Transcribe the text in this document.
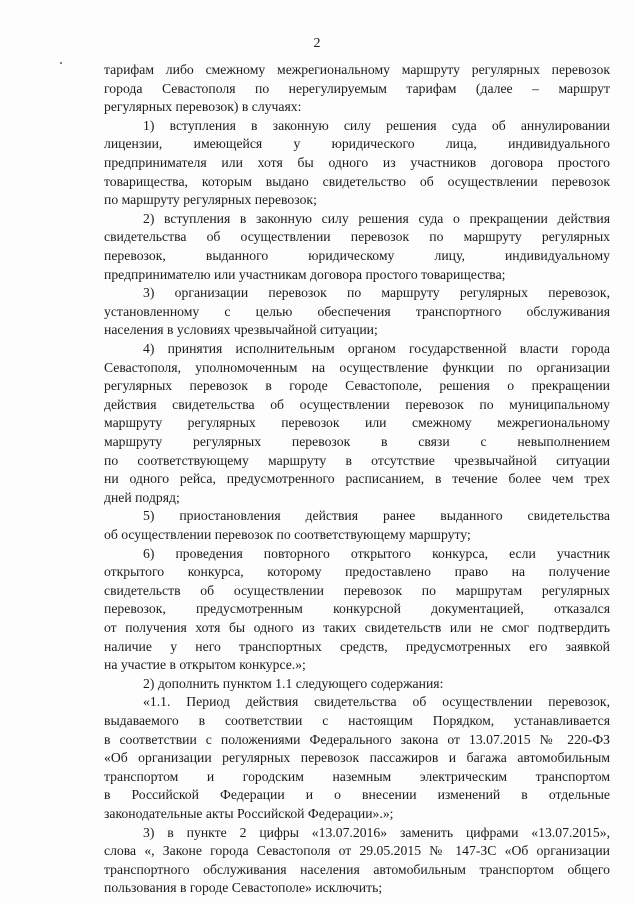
2
тарифам либо смежному межрегиональному маршруту регулярных перевозок
города Севастополя по нерегулируемым тарифам (далее – маршрут
регулярных перевозок) в случаях:
1) вступления в законную силу решения суда об аннулировании
лицензии, имеющейся у юридического лица, индивидуального
предпринимателя или хотя бы одного из участников договора простого
товарищества, которым выдано свидетельство об осуществлении перевозок
по маршруту регулярных перевозок;
2) вступления в законную силу решения суда о прекращении действия
свидетельства об осуществлении перевозок по маршруту регулярных
перевозок, выданного юридическому лицу, индивидуальному
предпринимателю или участникам договора простого товарищества;
3) организации перевозок по маршруту регулярных перевозок,
установленному с целью обеспечения транспортного обслуживания
населения в условиях чрезвычайной ситуации;
4) принятия исполнительным органом государственной власти города
Севастополя, уполномоченным на осуществление функции по организации
регулярных перевозок в городе Севастополе, решения о прекращении
действия свидетельства об осуществлении перевозок по муниципальному
маршруту регулярных перевозок или смежному межрегиональному
маршруту регулярных перевозок в связи с невыполнением
по соответствующему маршруту в отсутствие чрезвычайной ситуации
ни одного рейса, предусмотренного расписанием, в течение более чем трех
дней подряд;
5) приостановления действия ранее выданного свидетельства
об осуществлении перевозок по соответствующему маршруту;
6) проведения повторного открытого конкурса, если участник
открытого конкурса, которому предоставлено право на получение
свидетельств об осуществлении перевозок по маршрутам регулярных
перевозок, предусмотренным конкурсной документацией, отказался
от получения хотя бы одного из таких свидетельств или не смог подтвердить
наличие у него транспортных средств, предусмотренных его заявкой
на участие в открытом конкурсе.»;
2) дополнить пунктом 1.1 следующего содержания:
«1.1. Период действия свидетельства об осуществлении перевозок,
выдаваемого в соответствии с настоящим Порядком, устанавливается
в соответствии с положениями Федерального закона от 13.07.2015 № 220-ФЗ
«Об организации регулярных перевозок пассажиров и багажа автомобильным
транспортом и городским наземным электрическим транспортом
в Российской Федерации и о внесении изменений в отдельные
законодательные акты Российской Федерации».»;
3) в пункте 2 цифры «13.07.2016» заменить цифрами «13.07.2015»,
слова «, Законе города Севастополя от 29.05.2015 № 147-ЗС «Об организации
транспортного обслуживания населения автомобильным транспортом общего
пользования в городе Севастополе» исключить;
